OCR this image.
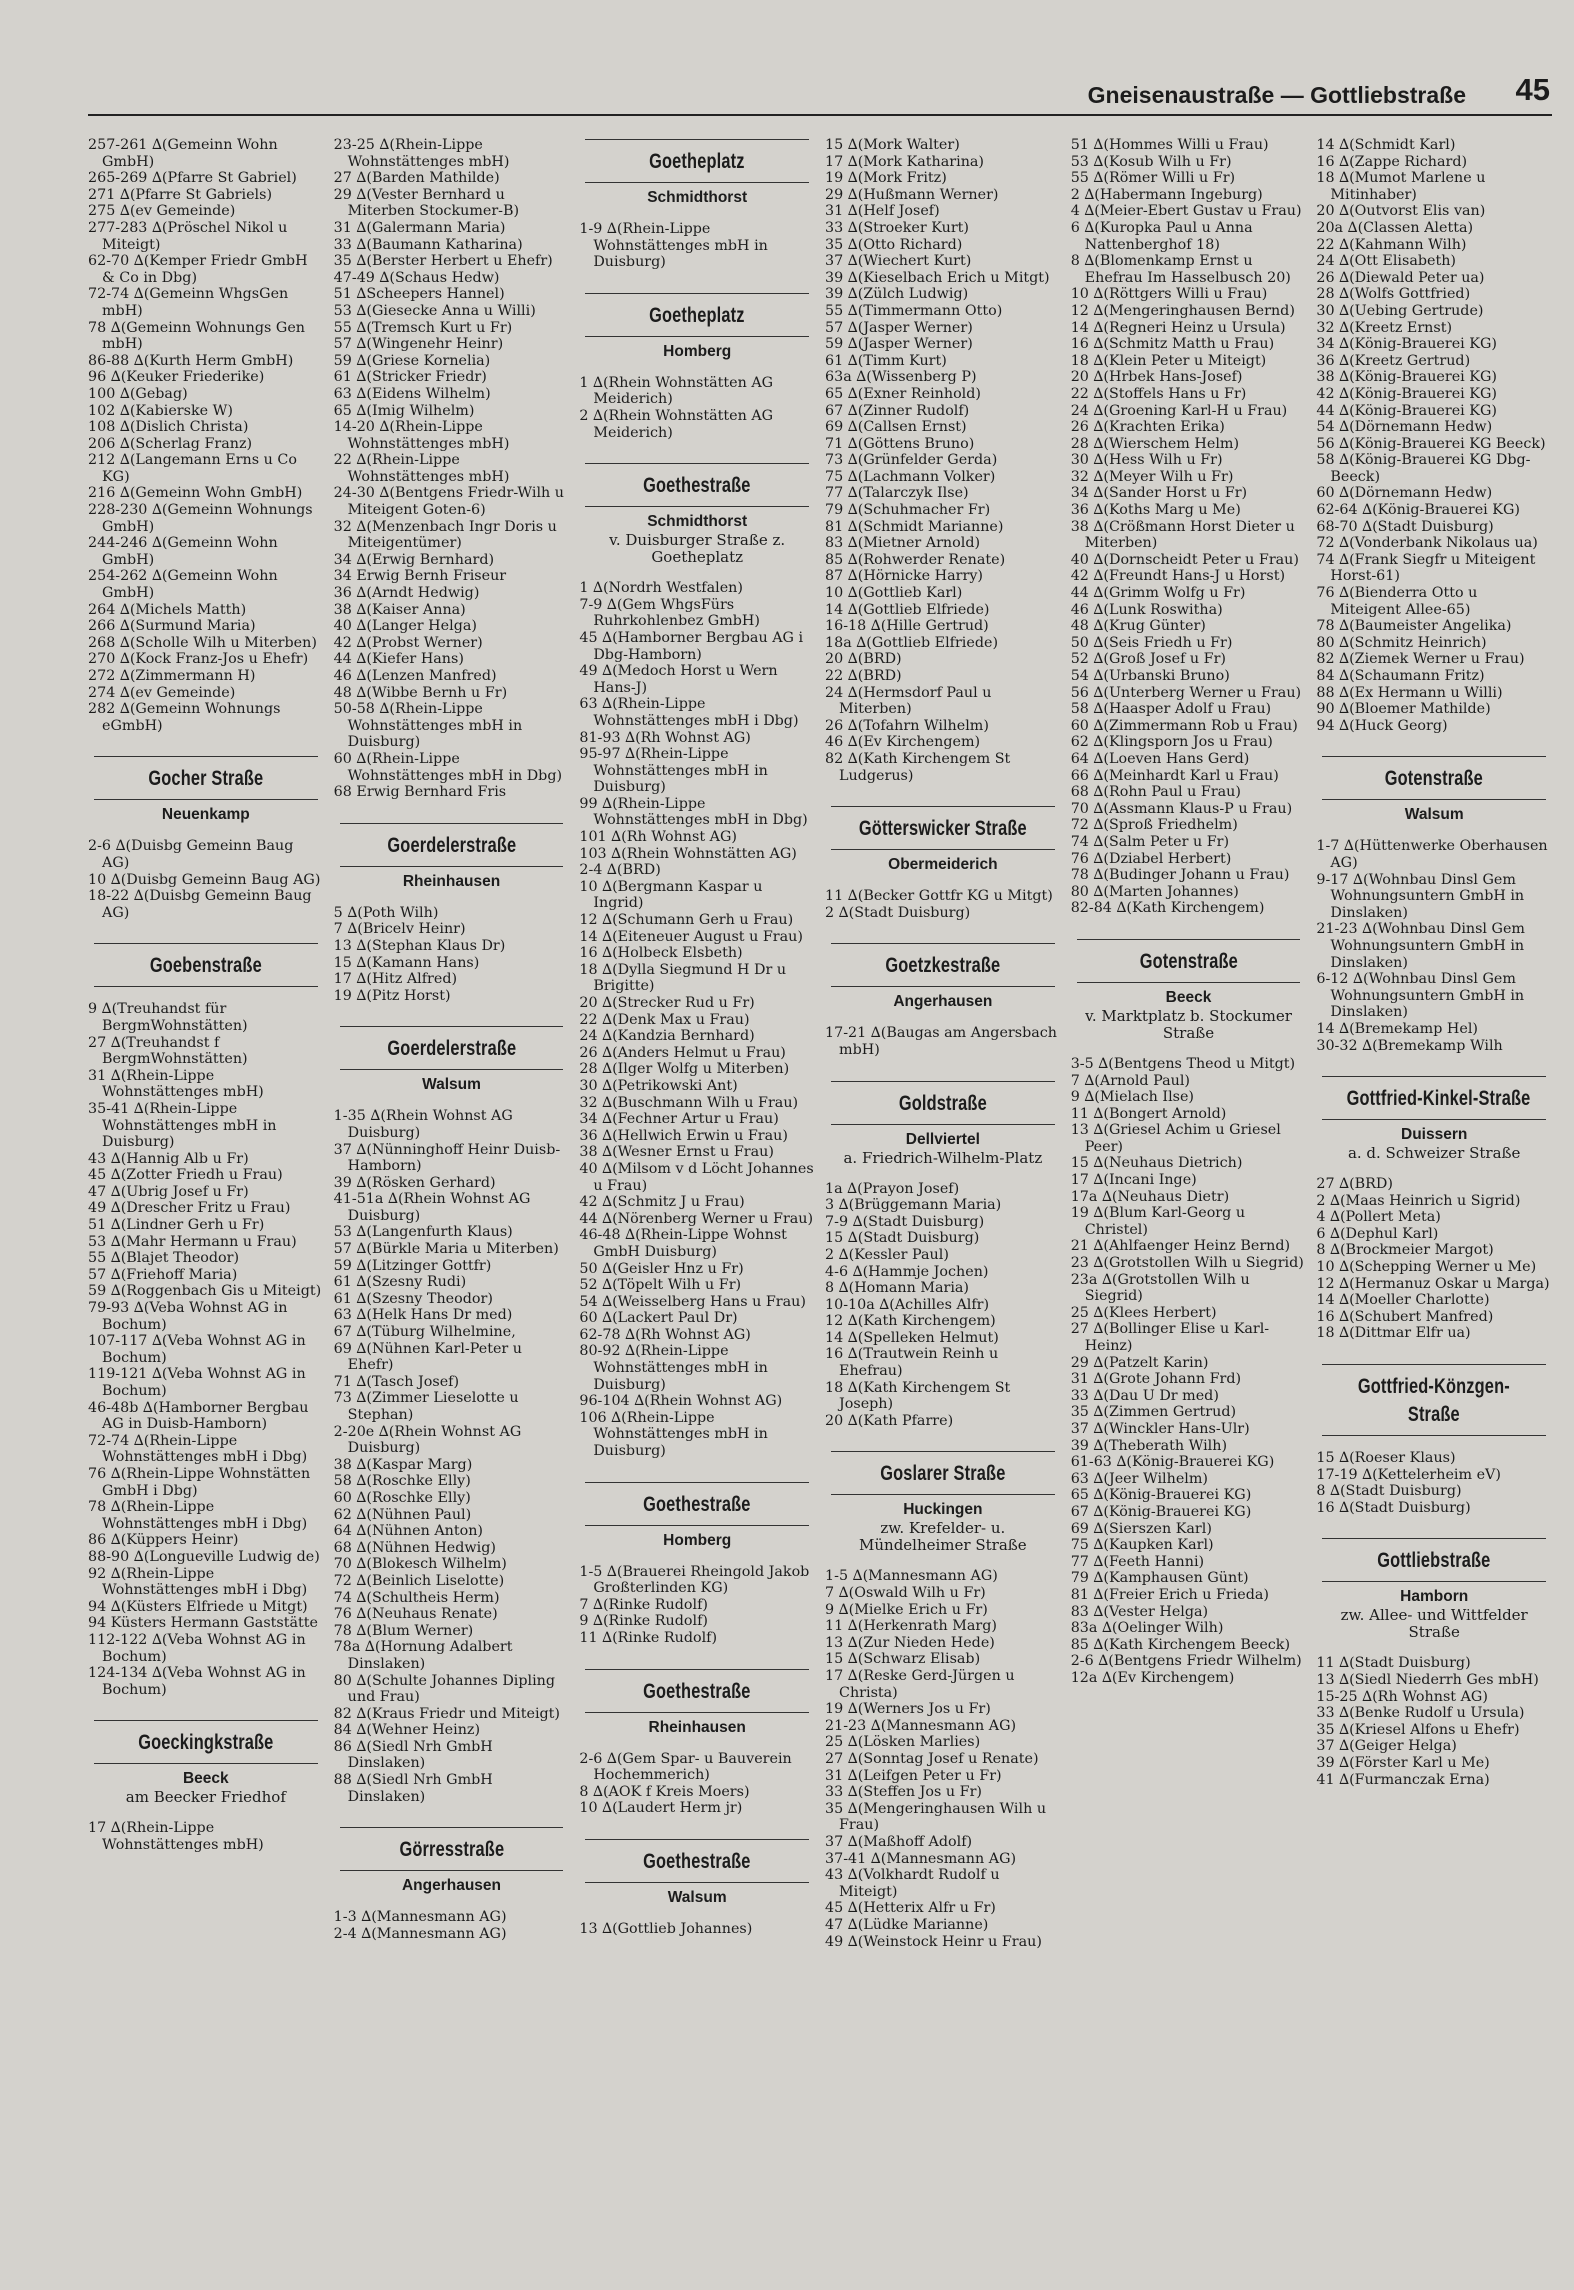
Gneisenaustraße — Gottliebstraße 45
257-261 ∆(Gemeinn Wohn GmbH)
265-269 ∆(Pfarre St Gabriel)
271 ∆(Pfarre St Gabriels)
275 ∆(ev Gemeinde)
277-283 ∆(Pröschel Nikol u Miteigt)
62-70 ∆(Kemper Friedr GmbH & Co in Dbg)
72-74 ∆(Gemeinn WhgsGen mbH)
78 ∆(Gemeinn Wohnungs Gen mbH)
86-88 ∆(Kurth Herm GmbH)
96 ∆(Keuker Friederike)
100 ∆(Gebag)
102 ∆(Kabierske W)
108 ∆(Dislich Christa)
206 ∆(Scherlag Franz)
212 ∆(Langemann Erns u Co KG)
216 ∆(Gemeinn Wohn GmbH)
228-230 ∆(Gemeinn Wohnungs GmbH)
244-246 ∆(Gemeinn Wohn GmbH)
254-262 ∆(Gemeinn Wohn GmbH)
264 ∆(Michels Matth)
266 ∆(Surmund Maria)
268 ∆(Scholle Wilh u Miterben)
270 ∆(Kock Franz-Jos u Ehefr)
272 ∆(Zimmermann H)
274 ∆(ev Gemeinde)
282 ∆(Gemeinn Wohnungs eGmbH)
Gocher Straße
Neuenkamp
2-6 ∆(Duisbg Gemeinn Baug AG)
10 ∆(Duisbg Gemeinn Baug AG)
18-22 ∆(Duisbg Gemeinn Baug AG)
Goebenstraße
9 ∆(Treuhandst für BergmWohnstätten)
27 ∆(Treuhandst f BergmWohnstätten)
31 ∆(Rhein-Lippe Wohnstättenges mbH)
35-41 ∆(Rhein-Lippe Wohnstättenges mbH in Duisburg)
43 ∆(Hannig Alb u Fr)
45 ∆(Zotter Friedh u Frau)
47 ∆(Ubrig Josef u Fr)
49 ∆(Drescher Fritz u Frau)
51 ∆(Lindner Gerh u Fr)
53 ∆(Mahr Hermann u Frau)
55 ∆(Blajet Theodor)
57 ∆(Friehoff Maria)
59 ∆(Roggenbach Gis u Miteigt)
79-93 ∆(Veba Wohnst AG in Bochum)
107-117 ∆(Veba Wohnst AG in Bochum)
119-121 ∆(Veba Wohnst AG in Bochum)
46-48b ∆(Hamborner Bergbau AG in Duisb-Hamborn)
72-74 ∆(Rhein-Lippe Wohnstättenges mbH i Dbg)
76 ∆(Rhein-Lippe Wohnstätten GmbH i Dbg)
78 ∆(Rhein-Lippe Wohnstättenges mbH i Dbg)
86 ∆(Küppers Heinr)
88-90 ∆(Longueville Ludwig de)
92 ∆(Rhein-Lippe Wohnstättenges mbH i Dbg)
94 ∆(Küsters Elfriede u Mitgt)
94 Küsters Hermann Gaststätte
112-122 ∆(Veba Wohnst AG in Bochum)
124-134 ∆(Veba Wohnst AG in Bochum)
Goeckingkstraße
Beeck
am Beecker Friedhof
17 ∆(Rhein-Lippe Wohnstättenges mbH)
23-25 ∆(Rhein-Lippe Wohnstättenges mbH)
27 ∆(Barden Mathilde)
29 ∆(Vester Bernhard u Miterben Stockumer-B)
31 ∆(Galermann Maria)
33 ∆(Baumann Katharina)
35 ∆(Berster Herbert u Ehefr)
47-49 ∆(Schaus Hedw)
51 ∆Scheepers Hannel)
53 ∆(Giesecke Anna u Willi)
55 ∆(Tremsch Kurt u Fr)
57 ∆(Wingenehr Heinr)
59 ∆(Griese Kornelia)
61 ∆(Stricker Friedr)
63 ∆(Eidens Wilhelm)
65 ∆(Imig Wilhelm)
14-20 ∆(Rhein-Lippe Wohnstättenges mbH)
22 ∆(Rhein-Lippe Wohnstättenges mbH)
24-30 ∆(Bentgens Friedr-Wilh u Miteigent Goten-6)
32 ∆(Menzenbach Ingr Doris u Miteigentümer)
34 ∆(Erwig Bernhard)
34 Erwig Bernh Friseur
36 ∆(Arndt Hedwig)
38 ∆(Kaiser Anna)
40 ∆(Langer Helga)
42 ∆(Probst Werner)
44 ∆(Kiefer Hans)
46 ∆(Lenzen Manfred)
48 ∆(Wibbe Bernh u Fr)
50-58 ∆(Rhein-Lippe Wohnstättenges mbH in Duisburg)
60 ∆(Rhein-Lippe Wohnstättenges mbH in Dbg)
68 Erwig Bernhard Fris
Goerdelerstraße
Rheinhausen
5 ∆(Poth Wilh)
7 ∆(Bricelv Heinr)
13 ∆(Stephan Klaus Dr)
15 ∆(Kamann Hans)
17 ∆(Hitz Alfred)
19 ∆(Pitz Horst)
Goerdelerstraße
Walsum
1-35 ∆(Rhein Wohnst AG Duisburg)
37 ∆(Nünninghoff Heinr Duisb-Hamborn)
39 ∆(Rösken Gerhard)
41-51a ∆(Rhein Wohnst AG Duisburg)
53 ∆(Langenfurth Klaus)
57 ∆(Bürkle Maria u Miterben)
59 ∆(Litzinger Gottfr)
61 ∆(Szesny Rudi)
61 ∆(Szesny Theodor)
63 ∆(Helk Hans Dr med)
67 ∆(Tüburg Wilhelmine,
69 ∆(Nühnen Karl-Peter u Ehefr)
71 ∆(Tasch Josef)
73 ∆(Zimmer Lieselotte u Stephan)
2-20e ∆(Rhein Wohnst AG Duisburg)
38 ∆(Kaspar Marg)
58 ∆(Roschke Elly)
60 ∆(Roschke Elly)
62 ∆(Nühnen Paul)
64 ∆(Nühnen Anton)
68 ∆(Nühnen Hedwig)
70 ∆(Blokesch Wilhelm)
72 ∆(Beinlich Liselotte)
74 ∆(Schultheis Herm)
76 ∆(Neuhaus Renate)
78 ∆(Blum Werner)
78a ∆(Hornung Adalbert Dinslaken)
80 ∆(Schulte Johannes Dipling und Frau)
82 ∆(Kraus Friedr und Miteigt)
84 ∆(Wehner Heinz)
86 ∆(Siedl Nrh GmbH Dinslaken)
88 ∆(Siedl Nrh GmbH Dinslaken)
Görresstraße
Angerhausen
1-3 ∆(Mannesmann AG)
2-4 ∆(Mannesmann AG)
Goetheplatz
Schmidthorst
1-9 ∆(Rhein-Lippe Wohnstättenges mbH in Duisburg)
Goetheplatz
Homberg
1 ∆(Rhein Wohnstätten AG Meiderich)
2 ∆(Rhein Wohnstätten AG Meiderich)
Goethestraße
Schmidthorst
v. Duisburger Straße z. Goetheplatz
1 ∆(Nordrh Westfalen)
7-9 ∆(Gem WhgsFürs Ruhrkohlenbez GmbH)
45 ∆(Hamborner Bergbau AG i Dbg-Hamborn)
49 ∆(Medoch Horst u Wern Hans-J)
63 ∆(Rhein-Lippe Wohnstättenges mbH i Dbg)
81-93 ∆(Rh Wohnst AG)
95-97 ∆(Rhein-Lippe Wohnstättenges mbH in Duisburg)
99 ∆(Rhein-Lippe Wohnstättenges mbH in Dbg)
101 ∆(Rh Wohnst AG)
103 ∆(Rhein Wohnstätten AG)
2-4 ∆(BRD)
10 ∆(Bergmann Kaspar u Ingrid)
12 ∆(Schumann Gerh u Frau)
14 ∆(Eiteneuer August u Frau)
16 ∆(Holbeck Elsbeth)
18 ∆(Dylla Siegmund H Dr u Brigitte)
20 ∆(Strecker Rud u Fr)
22 ∆(Denk Max u Frau)
24 ∆(Kandzia Bernhard)
26 ∆(Anders Helmut u Frau)
28 ∆(Ilger Wolfg u Miterben)
30 ∆(Petrikowski Ant)
32 ∆(Buschmann Wilh u Frau)
34 ∆(Fechner Artur u Frau)
36 ∆(Hellwich Erwin u Frau)
38 ∆(Wesner Ernst u Frau)
40 ∆(Milsom v d Löcht Johannes u Frau)
42 ∆(Schmitz J u Frau)
44 ∆(Nörenberg Werner u Frau)
46-48 ∆(Rhein-Lippe Wohnst GmbH Duisburg)
50 ∆(Geisler Hnz u Fr)
52 ∆(Töpelt Wilh u Fr)
54 ∆(Weisselberg Hans u Frau)
60 ∆(Lackert Paul Dr)
62-78 ∆(Rh Wohnst AG)
80-92 ∆(Rhein-Lippe Wohnstättenges mbH in Duisburg)
96-104 ∆(Rhein Wohnst AG)
106 ∆(Rhein-Lippe Wohnstättenges mbH in Duisburg)
Goethestraße
Homberg
1-5 ∆(Brauerei Rheingold Jakob Großterlinden KG)
7 ∆(Rinke Rudolf)
9 ∆(Rinke Rudolf)
11 ∆(Rinke Rudolf)
Goethestraße
Rheinhausen
2-6 ∆(Gem Spar- u Bauverein Hochemmerich)
8 ∆(AOK f Kreis Moers)
10 ∆(Laudert Herm jr)
Goethestraße
Walsum
13 ∆(Gottlieb Johannes)
15 ∆(Mork Walter)
17 ∆(Mork Katharina)
19 ∆(Mork Fritz)
29 ∆(Hußmann Werner)
31 ∆(Helf Josef)
33 ∆(Stroeker Kurt)
35 ∆(Otto Richard)
37 ∆(Wiechert Kurt)
39 ∆(Kieselbach Erich u Mitgt)
39 ∆(Zülch Ludwig)
55 ∆(Timmermann Otto)
57 ∆(Jasper Werner)
59 ∆(Jasper Werner)
61 ∆(Timm Kurt)
63a ∆(Wissenberg P)
65 ∆(Exner Reinhold)
67 ∆(Zinner Rudolf)
69 ∆(Callsen Ernst)
71 ∆(Göttens Bruno)
73 ∆(Grünfelder Gerda)
75 ∆(Lachmann Volker)
77 ∆(Talarczyk Ilse)
79 ∆(Schuhmacher Fr)
81 ∆(Schmidt Marianne)
83 ∆(Mietner Arnold)
85 ∆(Rohwerder Renate)
87 ∆(Hörnicke Harry)
10 ∆(Gottlieb Karl)
14 ∆(Gottlieb Elfriede)
16-18 ∆(Hille Gertrud)
18a ∆(Gottlieb Elfriede)
20 ∆(BRD)
22 ∆(BRD)
24 ∆(Hermsdorf Paul u Miterben)
26 ∆(Tofahrn Wilhelm)
46 ∆(Ev Kirchengem)
82 ∆(Kath Kirchengem St Ludgerus)
Götterswicker Straße
Obermeiderich
11 ∆(Becker Gottfr KG u Mitgt)
2 ∆(Stadt Duisburg)
Goetzkestraße
Angerhausen
17-21 ∆(Baugas am Angersbach mbH)
Goldstraße
Dellviertel
a. Friedrich-Wilhelm-Platz
1a ∆(Prayon Josef)
3 ∆(Brüggemann Maria)
7-9 ∆(Stadt Duisburg)
15 ∆(Stadt Duisburg)
2 ∆(Kessler Paul)
4-6 ∆(Hammje Jochen)
8 ∆(Homann Maria)
10-10a ∆(Achilles Alfr)
12 ∆(Kath Kirchengem)
14 ∆(Spelleken Helmut)
16 ∆(Trautwein Reinh u Ehefrau)
18 ∆(Kath Kirchengem St Joseph)
20 ∆(Kath Pfarre)
Goslarer Straße
Huckingen
zw. Krefelder- u. Mündelheimer Straße
1-5 ∆(Mannesmann AG)
7 ∆(Oswald Wilh u Fr)
9 ∆(Mielke Erich u Fr)
11 ∆(Herkenrath Marg)
13 ∆(Zur Nieden Hede)
15 ∆(Schwarz Elisab)
17 ∆(Reske Gerd-Jürgen u Christa)
19 ∆(Werners Jos u Fr)
21-23 ∆(Mannesmann AG)
25 ∆(Lösken Marlies)
27 ∆(Sonntag Josef u Renate)
31 ∆(Leifgen Peter u Fr)
33 ∆(Steffen Jos u Fr)
35 ∆(Mengeringhausen Wilh u Frau)
37 ∆(Maßhoff Adolf)
37-41 ∆(Mannesmann AG)
43 ∆(Volkhardt Rudolf u Miteigt)
45 ∆(Hetterix Alfr u Fr)
47 ∆(Lüdke Marianne)
49 ∆(Weinstock Heinr u Frau)
51 ∆(Hommes Willi u Frau)
53 ∆(Kosub Wilh u Fr)
55 ∆(Römer Willi u Fr)
2 ∆(Habermann Ingeburg)
4 ∆(Meier-Ebert Gustav u Frau)
6 ∆(Kuropka Paul u Anna Nattenberghof 18)
8 ∆(Blomenkamp Ernst u Ehefrau Im Hasselbusch 20)
10 ∆(Röttgers Willi u Frau)
12 ∆(Mengeringhausen Bernd)
14 ∆(Regneri Heinz u Ursula)
16 ∆(Schmitz Matth u Frau)
18 ∆(Klein Peter u Miteigt)
20 ∆(Hrbek Hans-Josef)
22 ∆(Stoffels Hans u Fr)
24 ∆(Groening Karl-H u Frau)
26 ∆(Krachten Erika)
28 ∆(Wierschem Helm)
30 ∆(Hess Wilh u Fr)
32 ∆(Meyer Wilh u Fr)
34 ∆(Sander Horst u Fr)
36 ∆(Koths Marg u Me)
38 ∆(Crößmann Horst Dieter u Miterben)
40 ∆(Dornscheidt Peter u Frau)
42 ∆(Freundt Hans-J u Horst)
44 ∆(Grimm Wolfg u Fr)
46 ∆(Lunk Roswitha)
48 ∆(Krug Günter)
50 ∆(Seis Friedh u Fr)
52 ∆(Groß Josef u Fr)
54 ∆(Urbanski Bruno)
56 ∆(Unterberg Werner u Frau)
58 ∆(Haasper Adolf u Frau)
60 ∆(Zimmermann Rob u Frau)
62 ∆(Klingsporn Jos u Frau)
64 ∆(Loeven Hans Gerd)
66 ∆(Meinhardt Karl u Frau)
68 ∆(Rohn Paul u Frau)
70 ∆(Assmann Klaus-P u Frau)
72 ∆(Sproß Friedhelm)
74 ∆(Salm Peter u Fr)
76 ∆(Dziabel Herbert)
78 ∆(Budinger Johann u Frau)
80 ∆(Marten Johannes)
82-84 ∆(Kath Kirchengem)
Gotenstraße
Beeck
v. Marktplatz b. Stockumer Straße
3-5 ∆(Bentgens Theod u Mitgt)
7 ∆(Arnold Paul)
9 ∆(Mielach Ilse)
11 ∆(Bongert Arnold)
13 ∆(Griesel Achim u Griesel Peer)
15 ∆(Neuhaus Dietrich)
17 ∆(Incani Inge)
17a ∆(Neuhaus Dietr)
19 ∆(Blum Karl-Georg u Christel)
21 ∆(Ahlfaenger Heinz Bernd)
23 ∆(Grotstollen Wilh u Siegrid)
23a ∆(Grotstollen Wilh u Siegrid)
25 ∆(Klees Herbert)
27 ∆(Bollinger Elise u Karl-Heinz)
29 ∆(Patzelt Karin)
31 ∆(Grote Johann Frd)
33 ∆(Dau U Dr med)
35 ∆(Zimmen Gertrud)
37 ∆(Winckler Hans-Ulr)
39 ∆(Theberath Wilh)
61-63 ∆(König-Brauerei KG)
63 ∆(Jeer Wilhelm)
65 ∆(König-Brauerei KG)
67 ∆(König-Brauerei KG)
69 ∆(Sierszen Karl)
75 ∆(Kaupken Karl)
77 ∆(Feeth Hanni)
79 ∆(Kamphausen Günt)
81 ∆(Freier Erich u Frieda)
83 ∆(Vester Helga)
83a ∆(Oelinger Wilh)
85 ∆(Kath Kirchengem Beeck)
2-6 ∆(Bentgens Friedr Wilhelm)
12a ∆(Ev Kirchengem)
14 ∆(Schmidt Karl)
16 ∆(Zappe Richard)
18 ∆(Mumot Marlene u Mitinhaber)
20 ∆(Outvorst Elis van)
20a ∆(Classen Aletta)
22 ∆(Kahmann Wilh)
24 ∆(Ott Elisabeth)
26 ∆(Diewald Peter ua)
28 ∆(Wolfs Gottfried)
30 ∆(Uebing Gertrude)
32 ∆(Kreetz Ernst)
34 ∆(König-Brauerei KG)
36 ∆(Kreetz Gertrud)
38 ∆(König-Brauerei KG)
42 ∆(König-Brauerei KG)
44 ∆(König-Brauerei KG)
54 ∆(Dörnemann Hedw)
56 ∆(König-Brauerei KG Beeck)
58 ∆(König-Brauerei KG Dbg-Beeck)
60 ∆(Dörnemann Hedw)
62-64 ∆(König-Brauerei KG)
68-70 ∆(Stadt Duisburg)
72 ∆(Vonderbank Nikolaus ua)
74 ∆(Frank Siegfr u Miteigent Horst-61)
76 ∆(Bienderra Otto u Miteigent Allee-65)
78 ∆(Baumeister Angelika)
80 ∆(Schmitz Heinrich)
82 ∆(Ziemek Werner u Frau)
84 ∆(Schaumann Fritz)
88 ∆(Ex Hermann u Willi)
90 ∆(Bloemer Mathilde)
94 ∆(Huck Georg)
Gotenstraße
Walsum
1-7 ∆(Hüttenwerke Oberhausen AG)
9-17 ∆(Wohnbau Dinsl Gem Wohnungsuntern GmbH in Dinslaken)
21-23 ∆(Wohnbau Dinsl Gem Wohnungsuntern GmbH in Dinslaken)
6-12 ∆(Wohnbau Dinsl Gem Wohnungsuntern GmbH in Dinslaken)
14 ∆(Bremekamp Hel)
30-32 ∆(Bremekamp Wilh
Gottfried-Kinkel-Straße
Duissern
a. d. Schweizer Straße
27 ∆(BRD)
2 ∆(Maas Heinrich u Sigrid)
4 ∆(Pollert Meta)
6 ∆(Dephul Karl)
8 ∆(Brockmeier Margot)
10 ∆(Schepping Werner u Me)
12 ∆(Hermanuz Oskar u Marga)
14 ∆(Moeller Charlotte)
16 ∆(Schubert Manfred)
18 ∆(Dittmar Elfr ua)
Gottfried-Könzgen-
Straße
15 ∆(Roeser Klaus)
17-19 ∆(Kettelerheim eV)
8 ∆(Stadt Duisburg)
16 ∆(Stadt Duisburg)
Gottliebstraße
Hamborn
zw. Allee- und Wittfelder Straße
11 ∆(Stadt Duisburg)
13 ∆(Siedl Niederrh Ges mbH)
15-25 ∆(Rh Wohnst AG)
33 ∆(Benke Rudolf u Ursula)
35 ∆(Kriesel Alfons u Ehefr)
37 ∆(Geiger Helga)
39 ∆(Förster Karl u Me)
41 ∆(Furmanczak Erna)
